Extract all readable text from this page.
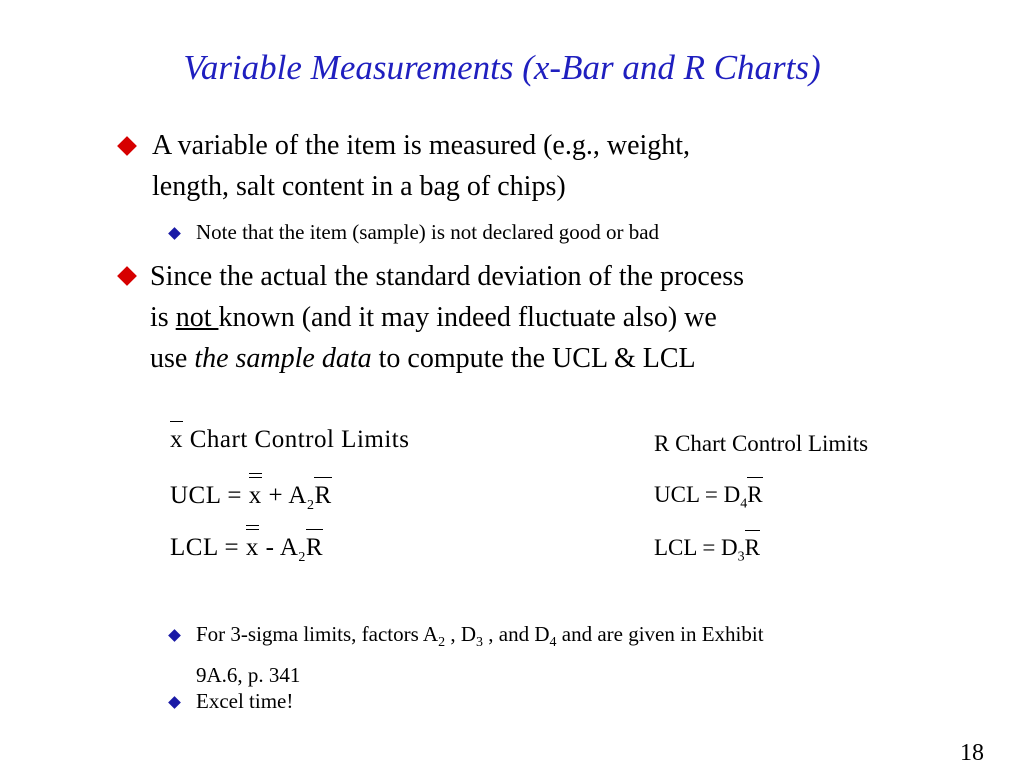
Variable Measurements (x-Bar and R Charts)
A variable of the item is measured (e.g., weight,
length, salt content in a bag of chips)
Note that the item (sample) is not declared good or bad
Since the actual the standard deviation of the process
is not known (and it may indeed fluctuate also) we
use the sample data to compute the UCL & LCL
x Chart Control Limits
UCL = $x + A_2R$
LCL = x - $A_2R$
R Chart Control Limits
UCL = $D_4R$
LCL = $D_3R$
For 3-sigma limits, factors $A_2$ , $D_3$ , and $D_4$ and are given in Exhibit
9A.6, p. 341
Excel time!
18
